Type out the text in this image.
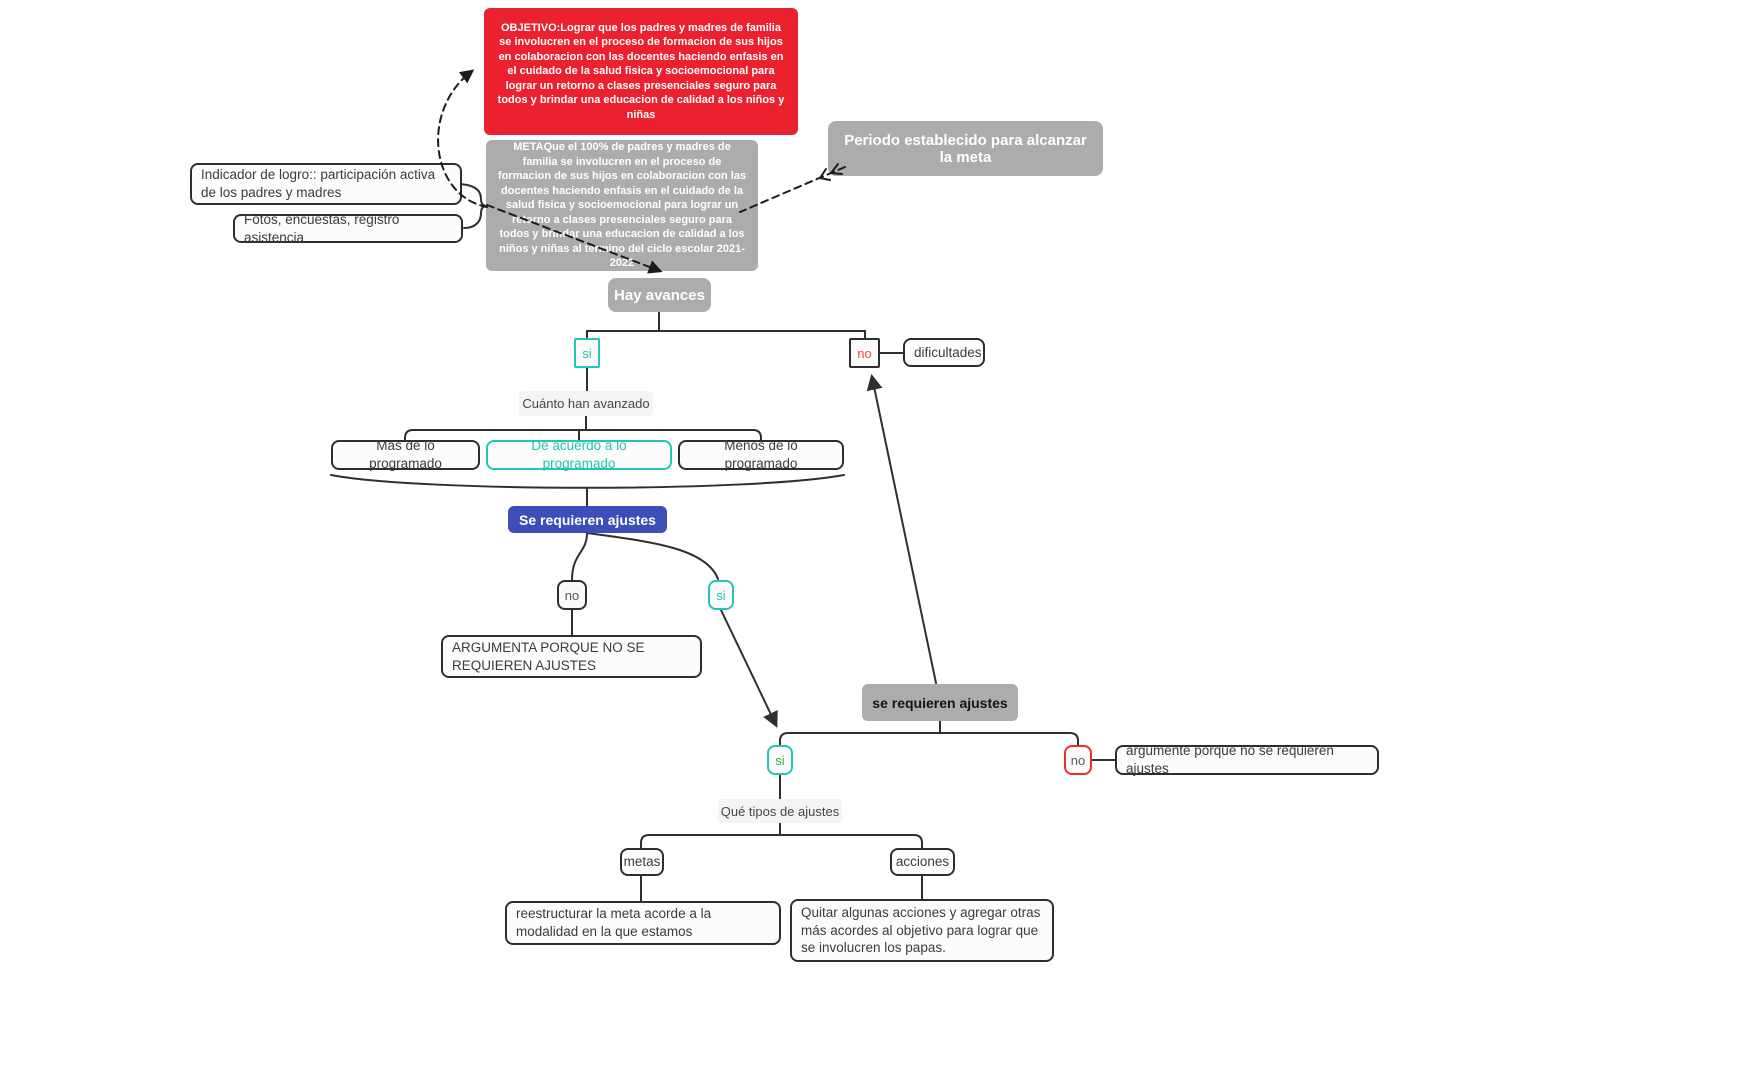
OBJETIVO:Lograr que los padres y madres de familia se involucren en el proceso de formacion de sus hijos en colaboracion con las docentes haciendo enfasis en el cuidado de la salud fisica y socioemocional para lograr un retorno a clases presenciales seguro para todos y brindar una educacion de calidad a los niños y niñas
METAQue el 100% de padres y madres de familia se involucren en el proceso de formacion de sus hijos en colaboracion con las docentes haciendo enfasis en el cuidado de la salud fisica y socioemocional para lograr un retorno a clases presenciales seguro para todos y brindar una educacion de calidad a los niños y niñas al termino del ciclo escolar 2021-2022
Indicador de logro:: participación activa de los padres y madres
Fotos, encuestas, registro asistencia
Periodo establecido para alcanzar la meta
Hay avances
si	no	dificultades
Cuánto han avanzado
Más de lo programado
De acuerdo a lo programado
Menos de lo programado
Se requieren ajustes
no	si
ARGUMENTA PORQUE NO SE REQUIEREN AJUSTES
se requieren ajustes
si	no
argumente porque no se requieren ajustes
Qué tipos de ajustes
metas	acciones
reestructurar la meta acorde a la modalidad en la que estamos
Quitar algunas acciones y agregar otras más acordes al objetivo para lograr que se involucren los papas.
